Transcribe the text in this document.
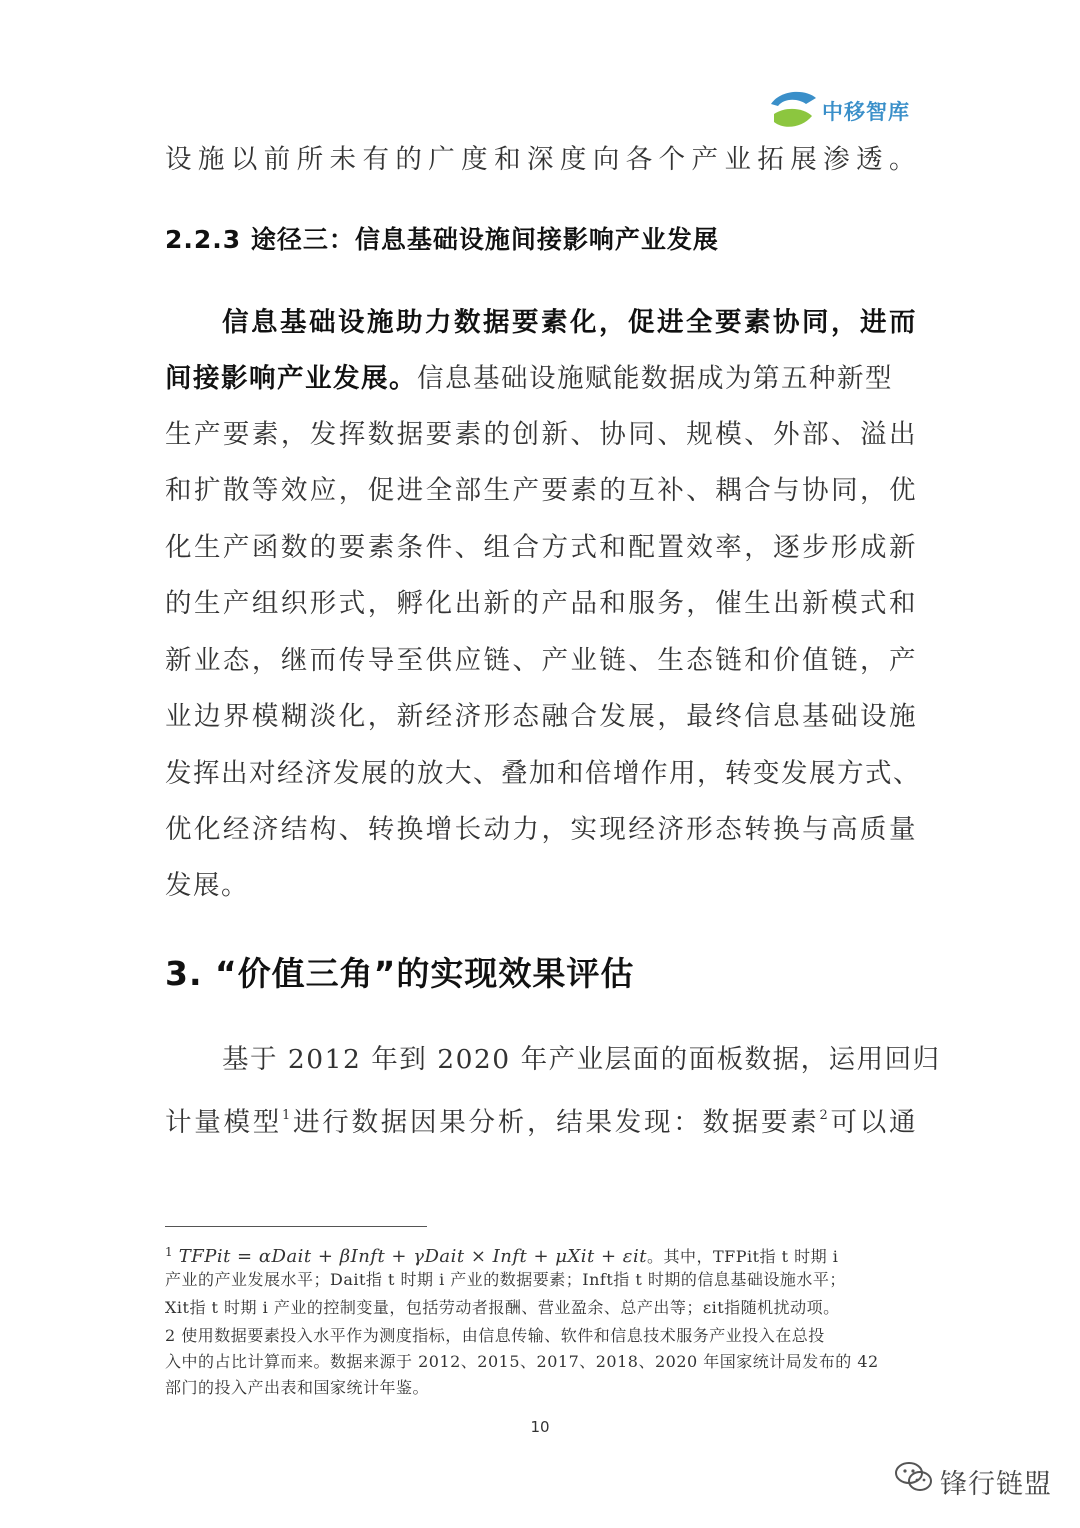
中移智库
设施以前所未有的广度和深度向各个产业拓展渗透。
2.2.3 途径三：信息基础设施间接影响产业发展
信息基础设施助力数据要素化，促进全要素协同，进而
间接影响产业发展。信息基础设施赋能数据成为第五种新型
生产要素，发挥数据要素的创新、协同、规模、外部、溢出
和扩散等效应，促进全部生产要素的互补、耦合与协同，优
化生产函数的要素条件、组合方式和配置效率，逐步形成新
的生产组织形式，孵化出新的产品和服务，催生出新模式和
新业态，继而传导至供应链、产业链、生态链和价值链，产
业边界模糊淡化，新经济形态融合发展，最终信息基础设施
发挥出对经济发展的放大、叠加和倍增作用，转变发展方式、
优化经济结构、转换增长动力，实现经济形态转换与高质量
发展。
3. “价值三角”的实现效果评估
基于 2012 年到 2020 年产业层面的面板数据，运用回归
计量模型$^1$进行数据因果分析，结果发现：数据要素$^2$可以通
$^1$ TFPit = αDait + βInft + γDait × Inft + μXit + εit。其中，TFPit指 t 时期 i
产业的产业发展水平；Dait指 t 时期 i 产业的数据要素；Inft指 t 时期的信息基础设施水平；
Xit指 t 时期 i 产业的控制变量，包括劳动者报酬、营业盈余、总产出等；εit指随机扰动项。
2 使用数据要素投入水平作为测度指标，由信息传输、软件和信息技术服务产业投入在总投
入中的占比计算而来。数据来源于 2012、2015、2017、2018、2020 年国家统计局发布的 42
部门的投入产出表和国家统计年鉴。
10
锋行链盟
